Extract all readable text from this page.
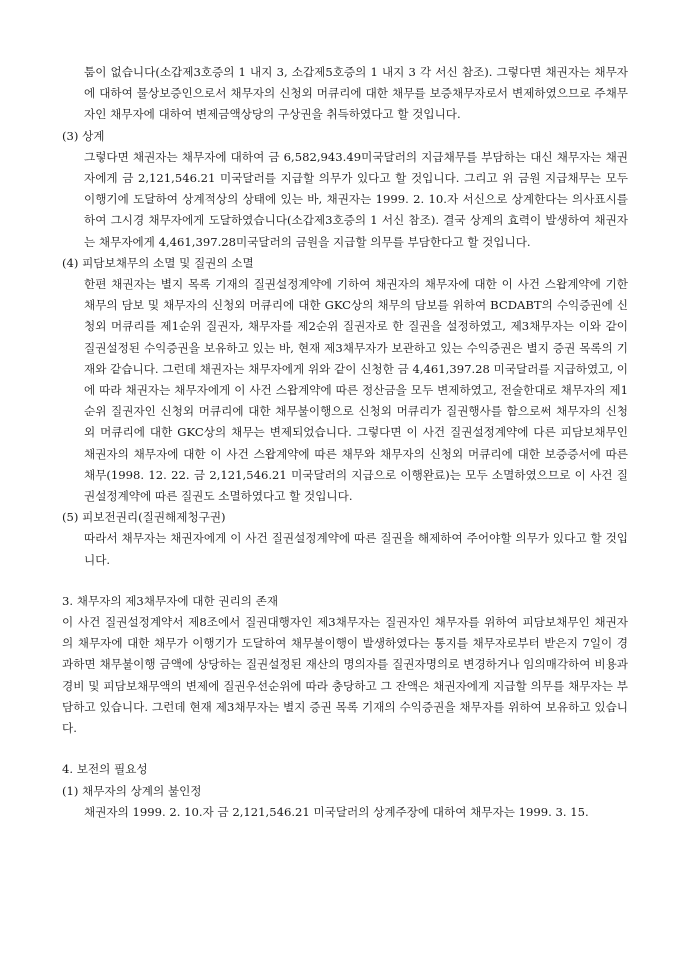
툼이 없습니다(소갑제3호증의 1 내지 3, 소갑제5호증의 1 내지 3 각 서신 참조). 그렇다면 채권자는 채무자에 대하여 물상보증인으로서 채무자의 신청외 머큐리에 대한 채무를 보증채무자로서 변제하였으므로 주채무자인 채무자에 대하여 변제금액상당의 구상권을 취득하였다고 할 것입니다.

(3) 상계

그렇다면 채권자는 채무자에 대하여 금 6,582,943.49미국달러의 지급채무를 부담하는 대신 채무자는 채권자에게 금 2,121,546.21 미국달러를 지급할 의무가 있다고 할 것입니다. 그리고 위 금원 지급채무는 모두 이행기에 도달하여 상계적상의 상태에 있는 바, 채권자는 1999. 2. 10.자 서신으로 상계한다는 의사표시를 하여 그시경 채무자에게 도달하였습니다(소갑제3호증의 1 서신 참조). 결국 상계의 효력이 발생하여 채권자는 채무자에게 4,461,397.28미국달러의 금원을 지급할 의무를 부담한다고 할 것입니다.

(4) 피담보채무의 소멸 및 질권의 소멸

한편 채권자는 별지 목록 기재의 질권설정계약에 기하여 채권자의 채무자에 대한 이 사건 스왑계약에 기한 채무의 담보 및 채무자의 신청외 머큐리에 대한 GKC상의 채무의 담보를 위하여 BCDABT의 수익증권에 신청외 머큐리를 제1순위 질권자, 채무자를 제2순위 질권자로 한 질권을 설정하였고, 제3채무자는 이와 같이 질권설정된 수익증권을 보유하고 있는 바, 현재 제3채무자가 보관하고 있는 수익증권은 별지 증권 목록의 기재와 같습니다. 그런데 채권자는 채무자에게 위와 같이 신청한 금 4,461,397.28 미국달러를 지급하였고, 이에 따라 채권자는 채무자에게 이 사건 스왑계약에 따른 정산금을 모두 변제하였고, 전술한대로 채무자의 제1순위 질권자인 신청외 머큐리에 대한 채무불이행으로 신청외 머큐리가 질권행사를 함으로써 채무자의 신청외 머큐리에 대한 GKC상의 채무는 변제되었습니다. 그렇다면 이 사건 질권설정계약에 다른 피담보채무인 채권자의 채무자에 대한 이 사건 스왑계약에 따른 채무와 채무자의 신청외 머큐리에 대한 보증증서에 따른 채무(1998. 12. 22. 금 2,121,546.21 미국달러의 지급으로 이행완료)는 모두 소멸하였으므로 이 사건 질권설정계약에 따른 질권도 소멸하였다고 할 것입니다.

(5) 피보전권리(질권해제청구권)

따라서 채무자는 채권자에게 이 사건 질권설정계약에 따른 질권을 해제하여 주어야할 의무가 있다고 할 것입니다.

3. 채무자의 제3채무자에 대한 권리의 존재

이 사건 질권설정계약서 제8조에서 질권대행자인 제3채무자는 질권자인 채무자를 위하여 피담보채무인 채권자의 채무자에 대한 채무가 이행기가 도달하여 채무불이행이 발생하였다는 통지를 채무자로부터 받은지 7일이 경과하면 채무불이행 금액에 상당하는 질권설정된 재산의 명의자를 질권자명의로 변경하거나 임의매각하여 비용과 경비 및 피담보채무액의 변제에 질권우선순위에 따라 충당하고 그 잔액은 채권자에게 지급할 의무를 채무자는 부담하고 있습니다. 그런데 현재 제3채무자는 별지 증권 목록 기재의 수익증권을 채무자를 위하여 보유하고 있습니다.

4. 보전의 필요성

(1) 채무자의 상계의 불인정

채권자의 1999. 2. 10.자 금 2,121,546.21 미국달러의 상계주장에 대하여 채무자는 1999. 3. 15.
